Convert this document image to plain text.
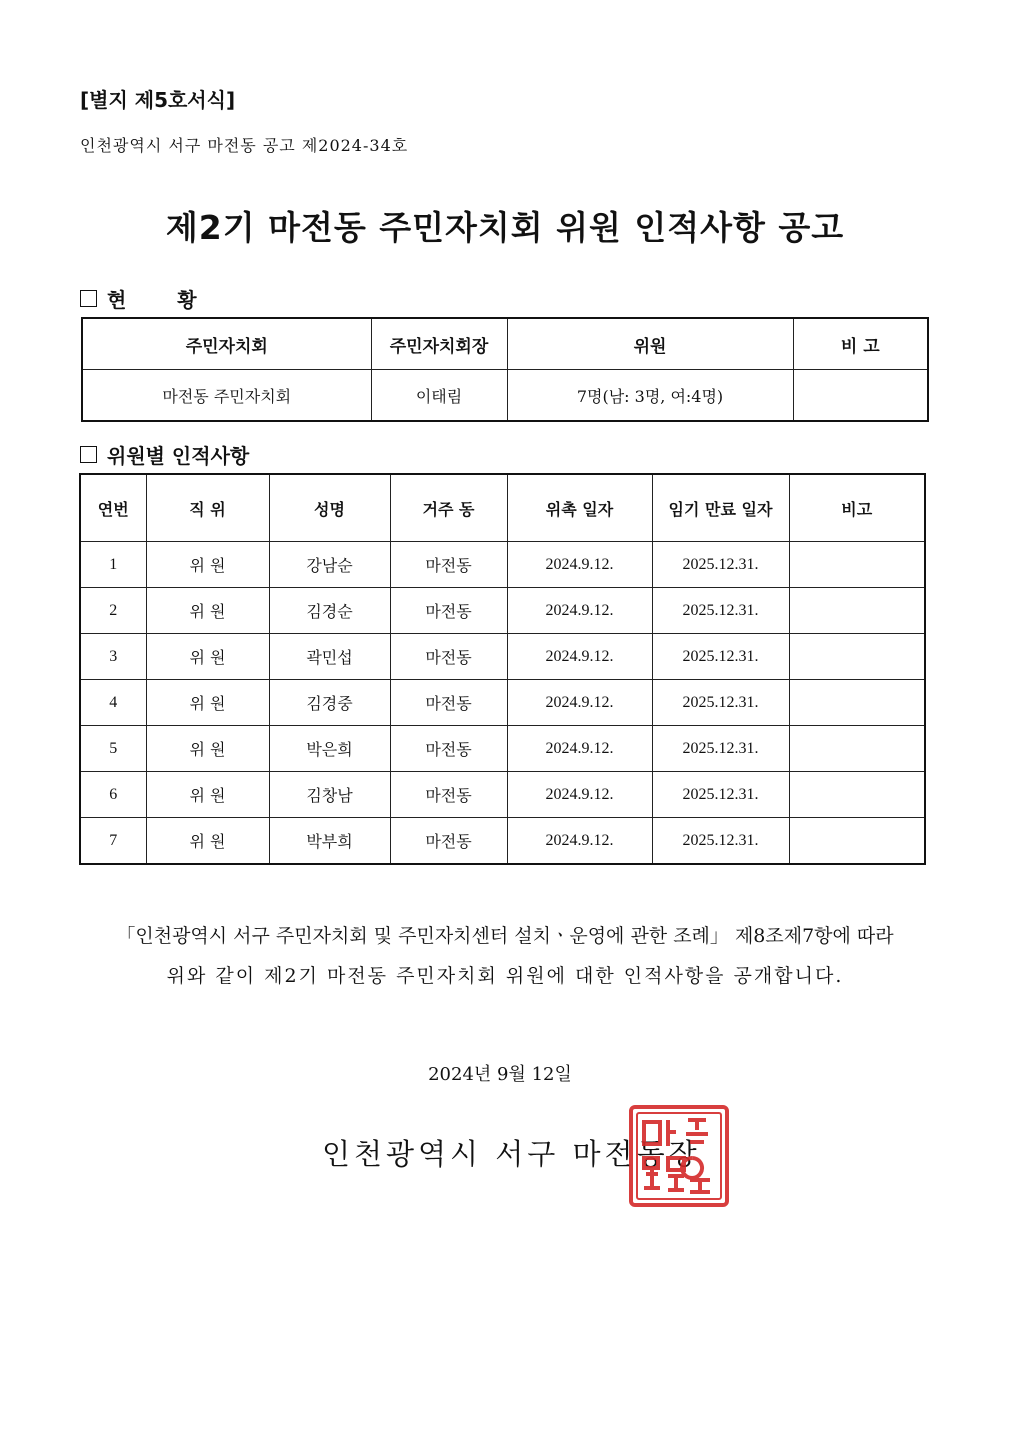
[별지 제5호서식]
인천광역시 서구 마전동 공고 제2024-34호
제2기 마전동 주민자치회 위원 인적사항 공고
현 황
주민자치회	주민자치회장	위원	비 고
마전동 주민자치회	이태림	7명(남: 3명, 여:4명)	
위원별 인적사항
연번	직 위	성명	거주 동	위촉 일자	임기 만료 일자	비고
1	위 원	강남순	마전동	2024.9.12.	2025.12.31.	
2	위 원	김경순	마전동	2024.9.12.	2025.12.31.	
3	위 원	곽민섭	마전동	2024.9.12.	2025.12.31.	
4	위 원	김경중	마전동	2024.9.12.	2025.12.31.	
5	위 원	박은희	마전동	2024.9.12.	2025.12.31.	
6	위 원	김창남	마전동	2024.9.12.	2025.12.31.	
7	위 원	박부희	마전동	2024.9.12.	2025.12.31.	
「인천광역시 서구 주민자치회 및 주민자치센터 설치ㆍ운영에 관한 조례」 제8조제7항에 따라
위와 같이 제2기 마전동 주민자치회 위원에 대한 인적사항을 공개합니다.
2024년 9월 12일
인천광역시 서구 마전동장
